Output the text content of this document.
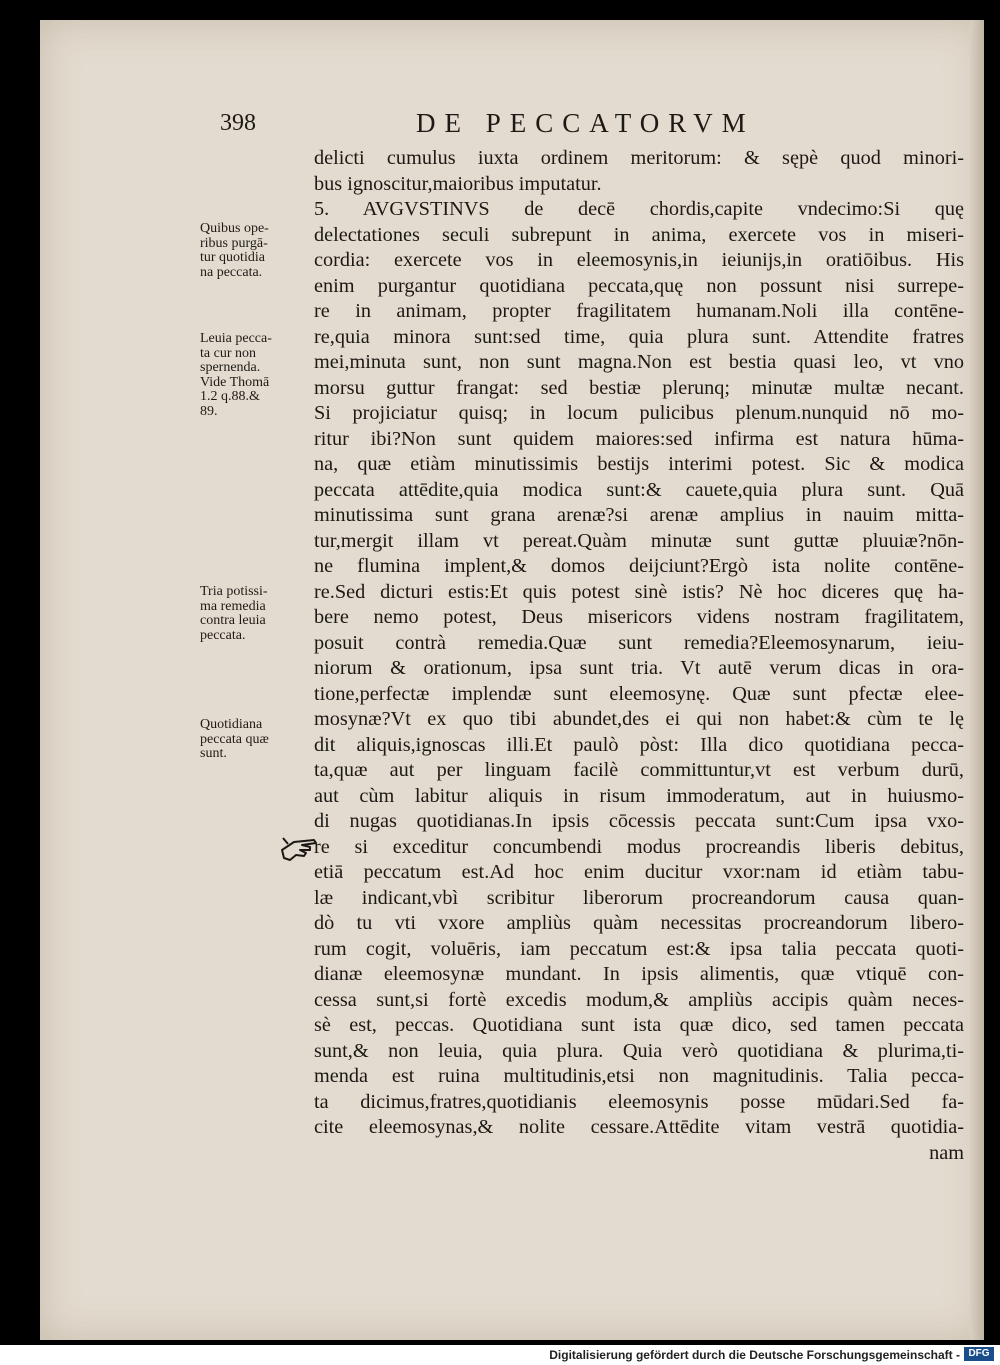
398	DE PECCATORVM
Quibus ope-
ribus purgā-
tur quotidia
na peccata.
Leuia pecca-
ta cur non
spernenda.
Vide Thomā
1.2 q.88.&
89.
Tria potissi-
ma remedia
contra leuia
peccata.
Quotidiana
peccata quæ
sunt.
delicti cumulus iuxta ordinem meritorum: & sępè quod minori-
bus ignoscitur,maioribus imputatur.
5. AVGVSTINVS de decē chordis,capite vndecimo:Si quę
delectationes seculi subrepunt in anima, exercete vos in miseri-
cordia: exercete vos in eleemosynis,in ieiunijs,in oratiōibus. His
enim purgantur quotidiana peccata,quę non possunt nisi surrepe-
re in animam, propter fragilitatem humanam.Noli illa contēne-
re,quia minora sunt:sed time, quia plura sunt. Attendite fratres
mei,minuta sunt, non sunt magna.Non est bestia quasi leo, vt vno
morsu guttur frangat: sed bestiæ plerunq; minutæ multæ necant.
Si projiciatur quisq; in locum pulicibus plenum.nunquid nō mo-
ritur ibi?Non sunt quidem maiores:sed infirma est natura hūma-
na, quæ etiàm minutissimis bestijs interimi potest. Sic & modica
peccata attēdite,quia modica sunt:& cauete,quia plura sunt. Quā
minutissima sunt grana arenæ?si arenæ amplius in nauim mitta-
tur,mergit illam vt pereat.Quàm minutæ sunt guttæ pluuiæ?nōn-
ne flumina implent,& domos deijciunt?Ergò ista nolite contēne-
re.Sed dicturi estis:Et quis potest sinè istis? Nè hoc diceres quę ha-
bere nemo potest, Deus misericors videns nostram fragilitatem,
posuit contrà remedia.Quæ sunt remedia?Eleemosynarum, ieiu-
niorum & orationum, ipsa sunt tria. Vt autē verum dicas in ora-
tione,perfectæ implendæ sunt eleemosynę. Quæ sunt pfectæ elee-
mosynæ?Vt ex quo tibi abundet,des ei qui non habet:& cùm te lę
dit aliquis,ignoscas illi.Et paulò pòst: Illa dico quotidiana pecca-
ta,quæ aut per linguam facilè committuntur,vt est verbum durū,
aut cùm labitur aliquis in risum immoderatum, aut in huiusmo-
di nugas quotidianas.In ipsis cōcessis peccata sunt:Cum ipsa vxo-
re si exceditur concumbendi modus procreandis liberis debitus,
etiā peccatum est.Ad hoc enim ducitur vxor:nam id etiàm tabu-
læ indicant,vbì scribitur liberorum procreandorum causa quan-
dò tu vti vxore ampliùs quàm necessitas procreandorum libero-
rum cogit, voluēris, iam peccatum est:& ipsa talia peccata quoti-
dianæ eleemosynæ mundant. In ipsis alimentis, quæ vtiquē con-
cessa sunt,si fortè excedis modum,& ampliùs accipis quàm neces-
sè est, peccas. Quotidiana sunt ista quæ dico, sed tamen peccata
sunt,& non leuia, quia plura. Quia verò quotidiana & plurima,ti-
menda est ruina multitudinis,etsi non magnitudinis. Talia pecca-
ta dicimus,fratres,quotidianis eleemosynis posse mūdari.Sed fa-
cite eleemosynas,& nolite cessare.Attēdite vitam vestrā quotidia-
nam
Digitalisierung gefördert durch die Deutsche Forschungsgemeinschaft - DFG
